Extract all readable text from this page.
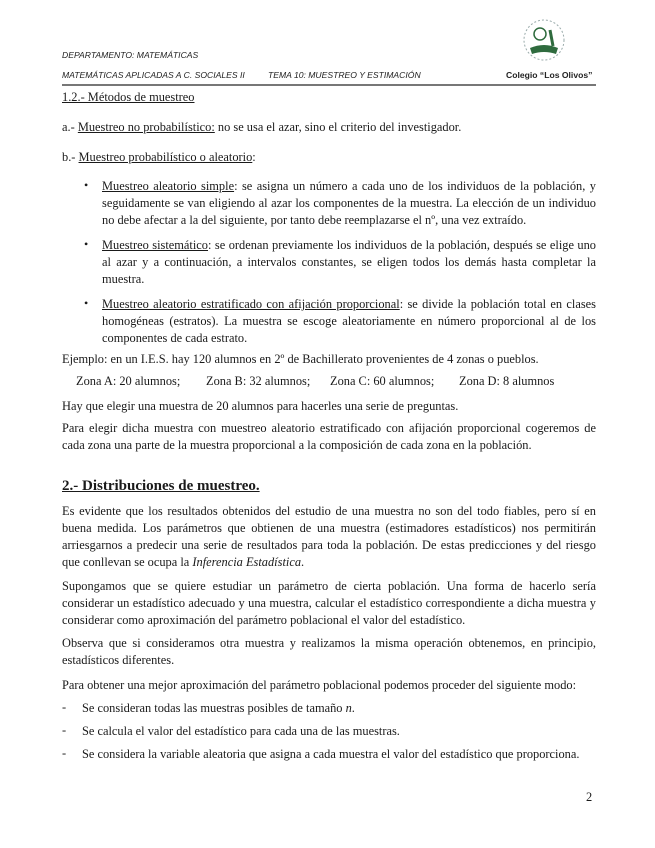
DEPARTAMENTO: MATEMÁTICAS
MATEMÁTICAS APLICADAS A C. SOCIALES II	TEMA 10: MUESTREO Y ESTIMACIÓN	Colegio “Los Olivos”
1.2.- Métodos de muestreo
a.- Muestreo no probabilístico: no se usa el azar, sino el criterio del investigador.
b.- Muestreo probabilístico o aleatorio:
• Muestreo aleatorio simple: se asigna un número a cada uno de los individuos de la población, y seguidamente se van eligiendo al azar los componentes de la muestra. La elección de un individuo no debe afectar a la del siguiente, por tanto debe reemplazarse el nº, una vez extraído.
• Muestreo sistemático: se ordenan previamente los individuos de la población, después se elige uno al azar y a continuación, a intervalos constantes, se eligen todos los demás hasta completar la muestra.
• Muestreo aleatorio estratificado con afijación proporcional: se divide la población total en clases homogéneas (estratos). La muestra se escoge aleatoriamente en número proporcional al de los componentes de cada estrato.
Ejemplo: en un I.E.S. hay 120 alumnos en 2º de Bachillerato provenientes de 4 zonas o pueblos.
Zona A: 20 alumnos; Zona B: 32 alumnos; Zona C: 60 alumnos; Zona D: 8 alumnos
Hay que elegir una muestra de 20 alumnos para hacerles una serie de preguntas.
Para elegir dicha muestra con muestreo aleatorio estratificado con afijación proporcional cogeremos de cada zona una parte de la muestra proporcional a la composición de cada zona en la población.
2.- Distribuciones de muestreo.
Es evidente que los resultados obtenidos del estudio de una muestra no son del todo fiables, pero sí en buena medida. Los parámetros que obtienen de una muestra (estimadores estadísticos) nos permitirán arriesgarnos a predecir una serie de resultados para toda la población. De estas predicciones y del riesgo que conllevan se ocupa la Inferencia Estadística.
Supongamos que se quiere estudiar un parámetro de cierta población. Una forma de hacerlo sería considerar un estadístico adecuado y una muestra, calcular el estadístico correspondiente a dicha muestra y considerar como aproximación del parámetro poblacional el valor del estadístico.
Observa que si consideramos otra muestra y realizamos la misma operación obtenemos, en principio, estadísticos diferentes.
Para obtener una mejor aproximación del parámetro poblacional podemos proceder del siguiente modo:
- Se consideran todas las muestras posibles de tamaño n.
- Se calcula el valor del estadístico para cada una de las muestras.
- Se considera la variable aleatoria que asigna a cada muestra el valor del estadístico que proporciona.
2
